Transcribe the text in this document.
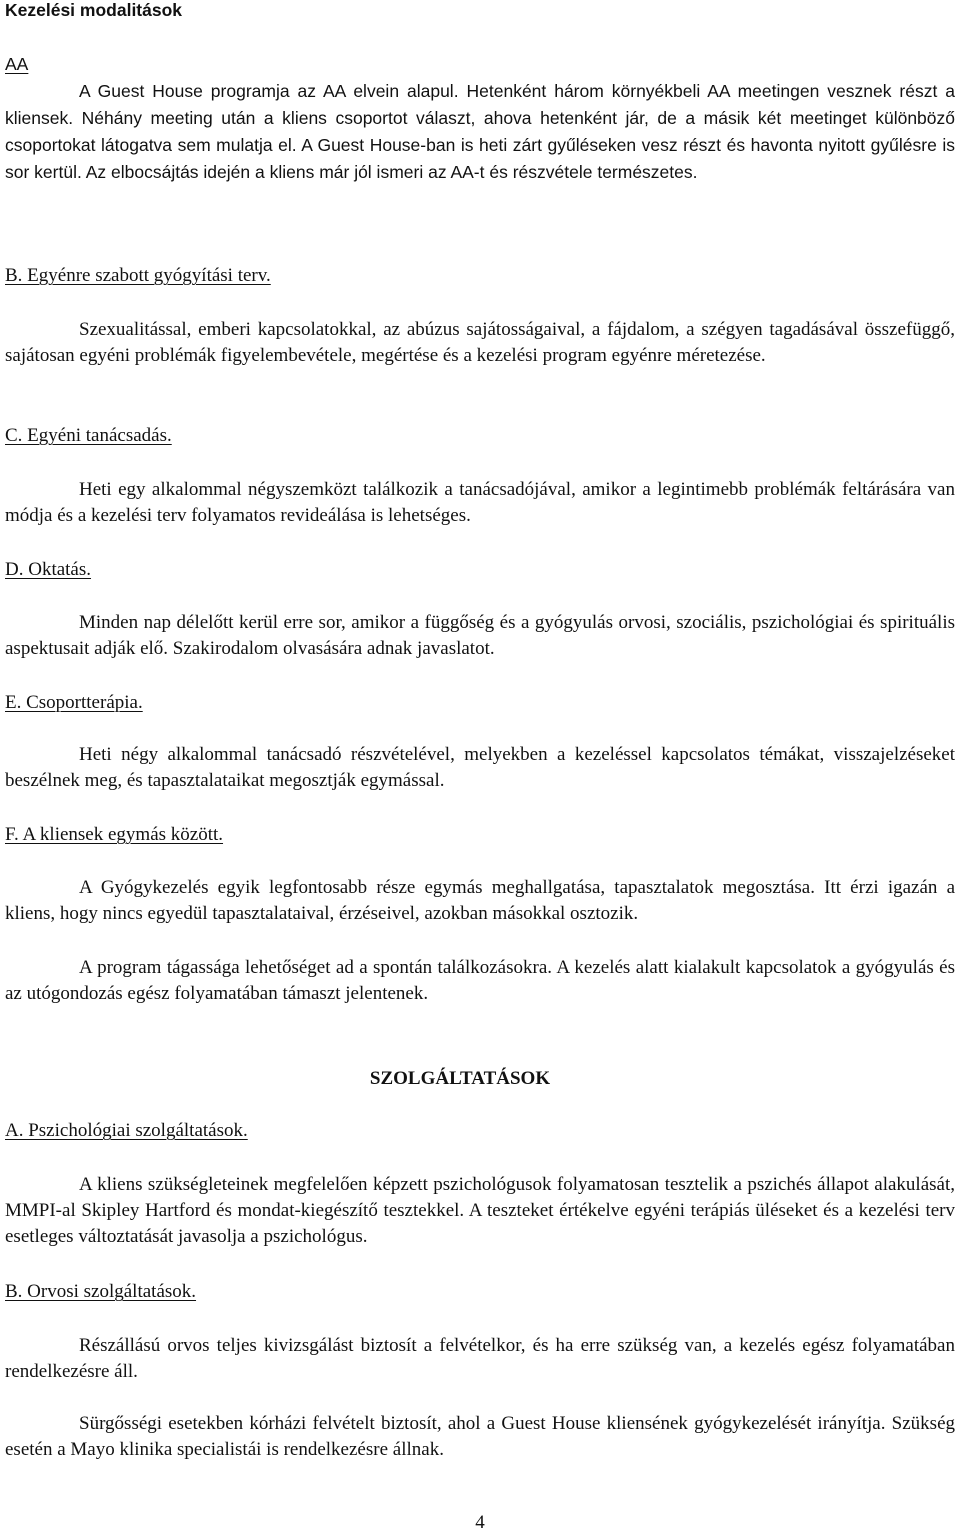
Kezelési modalitások
AA

A Guest House programja az AA elvein alapul. Hetenként három környékbeli AA meetingen vesznek részt a kliensek. Néhány meeting után a kliens csoportot választ, ahova hetenként jár, de a másik két meetinget különböző csoportokat látogatva sem mulatja el. A Guest House-ban is heti zárt gyűléseken vesz részt és havonta nyitott gyűlésre is sor kertül. Az elbocsájtás idején a kliens már jól ismeri az AA-t és részvétele természetes.

B. Egyénre szabott gyógyítási terv.

Szexualitással, emberi kapcsolatokkal, az abúzus sajátosságaival, a fájdalom, a szégyen tagadásával összefüggő, sajátosan egyéni problémák figyelembevétele, megértése és a kezelési program egyénre méretezése.

C. Egyéni tanácsadás.

Heti egy alkalommal négyszemközt találkozik a tanácsadójával, amikor a legintimebb problémák feltárására van módja és a kezelési terv folyamatos revideálása is lehetséges.

D. Oktatás.

Minden nap délelőtt kerül erre sor, amikor a függőség és a gyógyulás orvosi, szociális, pszichológiai és spirituális aspektusait adják elő. Szakirodalom olvasására adnak javaslatot.

E. Csoportterápia.

Heti négy alkalommal tanácsadó részvételével, melyekben a kezeléssel kapcsolatos témákat, visszajelzéseket beszélnek meg, és tapasztalataikat megosztják egymással.

F. A kliensek egymás között.

A Gyógykezelés egyik legfontosabb része egymás meghallgatása, tapasztalatok megosztása. Itt érzi igazán a kliens, hogy nincs egyedül tapasztalataival, érzéseivel, azokban másokkal osztozik.

A program tágassága lehetőséget ad a spontán találkozásokra. A kezelés alatt kialakult kapcsolatok a gyógyulás és az utógondozás egész folyamatában támaszt jelentenek.

SZOLGÁLTATÁSOK
A. Pszichológiai szolgáltatások.

A kliens szükségleteinek megfelelően képzett pszichológusok folyamatosan tesztelik a pszichés állapot alakulását, MMPI-al Skipley Hartford és mondat-kiegészítő tesztekkel. A teszteket értékelve egyéni terápiás üléseket és a kezelési terv esetleges változtatását javasolja a pszichológus.

B. Orvosi szolgáltatások.

Részállású orvos teljes kivizsgálást biztosít a felvételkor, és ha erre szükség van, a kezelés egész folyamatában rendelkezésre áll.

Sürgősségi esetekben kórházi felvételt biztosít, ahol a Guest House kliensének gyógykezelését irányítja. Szükség esetén a Mayo klinika specialistái is rendelkezésre állnak.

4
